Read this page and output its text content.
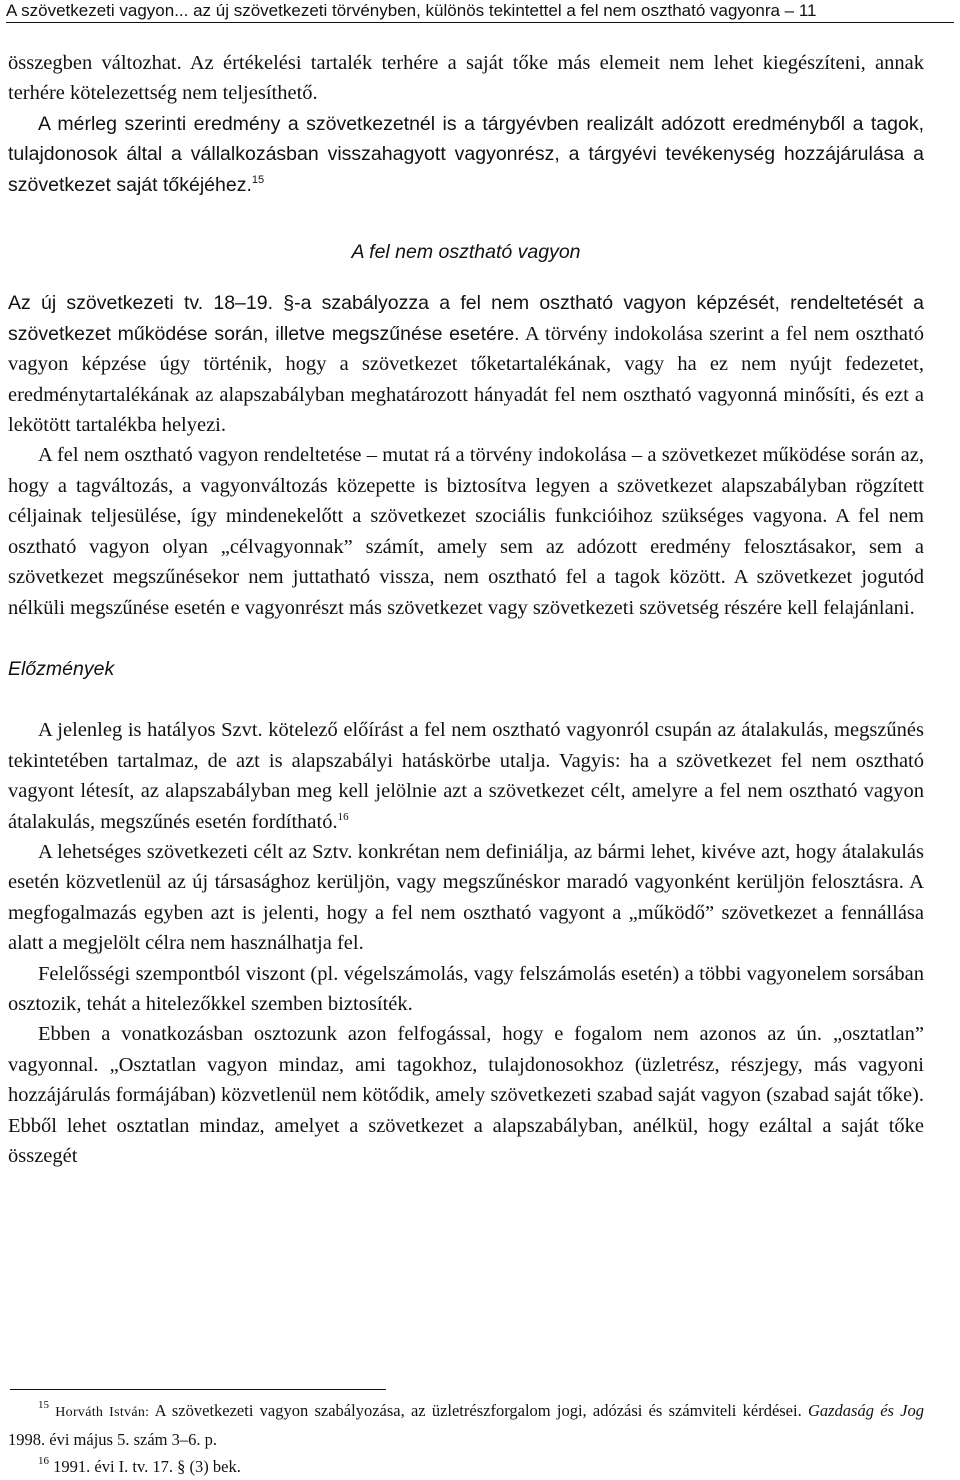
A szövetkezeti vagyon... az új szövetkezeti törvényben, különös tekintettel a fel nem osztható vagyonra – 11

összegben változhat. Az értékelési tartalék terhére a saját tőke más elemeit nem lehet kiegészíteni, annak terhére kötelezettség nem teljesíthető.

A mérleg szerinti eredmény a szövetkezetnél is a tárgyévben realizált adózott eredményből a tagok, tulajdonosok által a vállalkozásban visszahagyott vagyonrész, a tárgyévi tevékenység hozzájárulása a szövetkezet saját tőkéjéhez.$^{15}$

A fel nem osztható vagyon

Az új szövetkezeti tv. 18–19. §-a szabályozza a fel nem osztható vagyon képzését, rendeltetését a szövetkezet működése során, illetve megszűnése esetére. A törvény indokolása szerint a fel nem osztható vagyon képzése úgy történik, hogy a szövetkezet tőketartalékának, vagy ha ez nem nyújt fedezetet, eredménytartalékának az alapszabályban meghatározott hányadát fel nem osztható vagyonná minősíti, és ezt a lekötött tartalékba helyezi.

A fel nem osztható vagyon rendeltetése – mutat rá a törvény indokolása – a szövetkezet működése során az, hogy a tagváltozás, a vagyonváltozás közepette is biztosítva legyen a szövetkezet alapszabályban rögzített céljainak teljesülése, így mindenekelőtt a szövetkezet szociális funkcióihoz szükséges vagyona. A fel nem osztható vagyon olyan „célvagyonnak” számít, amely sem az adózott eredmény felosztásakor, sem a szövetkezet megszűnésekor nem juttatható vissza, nem osztható fel a tagok között. A szövetkezet jogutód nélküli megszűnése esetén e vagyonrészt más szövetkezet vagy szövetkezeti szövetség részére kell felajánlani.

Előzmények

A jelenleg is hatályos Szvt. kötelező előírást a fel nem osztható vagyonról csupán az átalakulás, megszűnés tekintetében tartalmaz, de azt is alapszabályi hatáskörbe utalja. Vagyis: ha a szövetkezet fel nem osztható vagyont létesít, az alapszabályban meg kell jelölnie azt a szövetkezet célt, amelyre a fel nem osztható vagyon átalakulás, megszűnés esetén fordítható.$^{16}$

A lehetséges szövetkezeti célt az Sztv. konkrétan nem definiálja, az bármi lehet, kivéve azt, hogy átalakulás esetén közvetlenül az új társasághoz kerüljön, vagy megszűnéskor maradó vagyonként kerüljön felosztásra. A megfogalmazás egyben azt is jelenti, hogy a fel nem osztható vagyont a „működő” szövetkezet a fennállása alatt a megjelölt célra nem használhatja fel.

Felelősségi szempontból viszont (pl. végelszámolás, vagy felszámolás esetén) a többi vagyonelem sorsában osztozik, tehát a hitelezőkkel szemben biztosíték.

Ebben a vonatkozásban osztozunk azon felfogással, hogy e fogalom nem azonos az ún. „osztatlan” vagyonnal. „Osztatlan vagyon mindaz, ami tagokhoz, tulajdonosokhoz (üzletrész, részjegy, más vagyoni hozzájárulás formájában) közvetlenül nem kötődik, amely szövetkezeti szabad saját vagyon (szabad saját tőke). Ebből lehet osztatlan mindaz, amelyet a szövetkezet a alapszabályban, anélkül, hogy ezáltal a saját tőke összegét

$^{15}$ Horváth István: A szövetkezeti vagyon szabályozása, az üzletrészforgalom jogi, adózási és számviteli kérdései. Gazdaság és Jog 1998. évi május 5. szám 3–6. p.

$^{16}$ 1991. évi I. tv. 17. § (3) bek.
